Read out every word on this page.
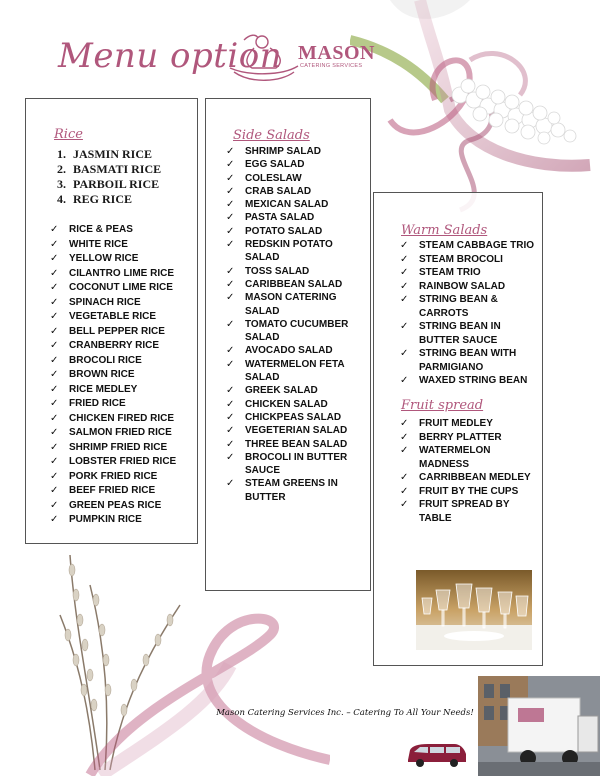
Menu option MASON
CATERING SERVICES

Rice

1. JASMIN RICE
2. BASMATI RICE
3. PARBOIL RICE
4. REG RICE
✓ RICE & PEAS
✓ WHITE RICE
✓ YELLOW RICE
✓ CILANTRO LIME RICE
✓ COCONUT LIME RICE
✓ SPINACH RICE
✓ VEGETABLE RICE
✓ BELL PEPPER RICE
✓ CRANBERRY RICE
✓ BROCOLI RICE
✓ BROWN RICE
✓ RICE MEDLEY
✓ FRIED RICE
✓ CHICKEN FIRED RICE
✓ SALMON FRIED RICE
✓ SHRIMP FRIED RICE
✓ LOBSTER FRIED RICE
✓ PORK FRIED RICE
✓ BEEF FRIED RICE
✓ GREEN PEAS RICE
✓ PUMPKIN RICE

Side Salads

✓ SHRIMP SALAD
✓ EGG SALAD
✓ COLESLAW
✓ CRAB SALAD
✓ MEXICAN SALAD
✓ PASTA SALAD
✓ POTATO SALAD
✓ REDSKIN POTATO SALAD
✓ TOSS SALAD
✓ CARIBBEAN SALAD
✓ MASON CATERING SALAD
✓ TOMATO CUCUMBER SALAD
✓ AVOCADO SALAD
✓ WATERMELON FETA SALAD
✓ GREEK SALAD
✓ CHICKEN SALAD
✓ CHICKPEAS SALAD
✓ VEGETERIAN SALAD
✓ THREE BEAN SALAD
✓ BROCOLI IN BUTTER SAUCE
✓ STEAM GREENS IN BUTTER

Warm Salads

✓ STEAM CABBAGE TRIO
✓ STEAM BROCOLI
✓ STEAM TRIO
✓ RAINBOW SALAD
✓ STRING BEAN & CARROTS
✓ STRING BEAN IN BUTTER SAUCE
✓ STRING BEAN WITH PARMIGIANO
✓ WAXED STRING BEAN

Fruit spread

✓ FRUIT MEDLEY
✓ BERRY PLATTER
✓ WATERMELON MADNESS
✓ CARRIBBEAN MEDLEY
✓ FRUIT BY THE CUPS
✓ FRUIT SPREAD BY TABLE
Mason Catering Services Inc. – Catering To All Your Needs!
